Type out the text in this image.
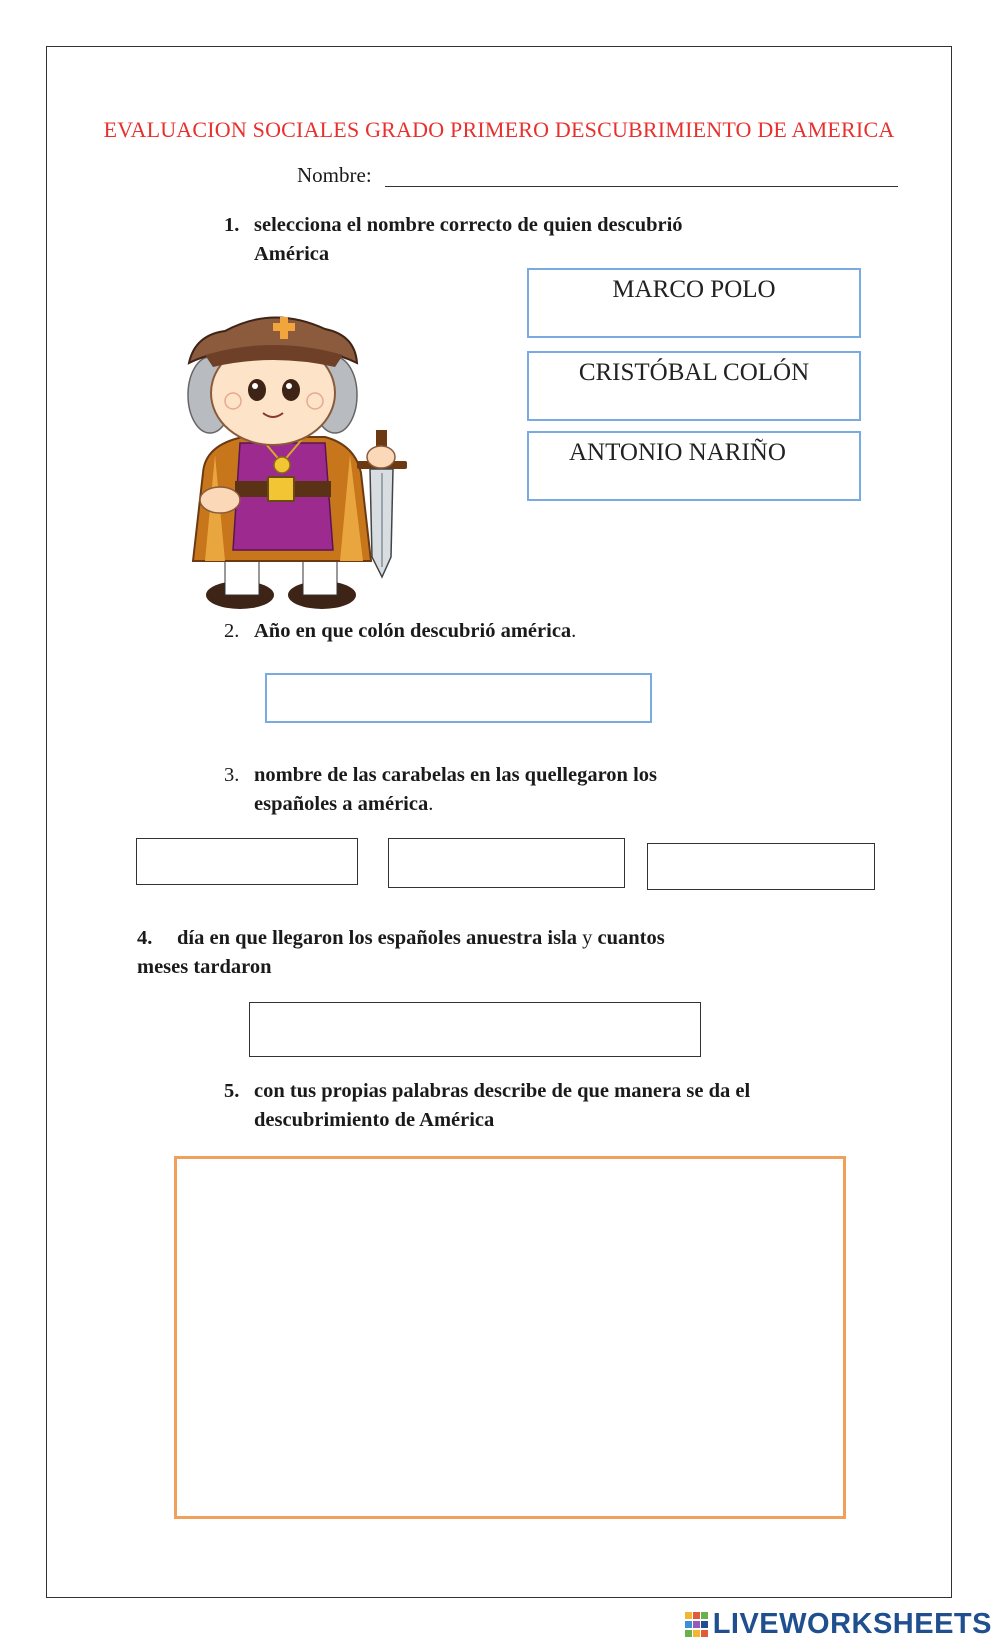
EVALUACION SOCIALES GRADO PRIMERO DESCUBRIMIENTO DE AMERICA
Nombre:
1. selecciona el nombre correcto de quien descubrió
América
MARCO POLO
CRISTÓBAL COLÓN
ANTONIO NARIÑO
2. Año en que colón descubrió américa.
3. nombre de las carabelas en las quellegaron los
españoles a américa.
4. día en que llegaron los españoles anuestra isla y cuantos
meses tardaron
5. con tus propias palabras describe de que manera se da el
descubrimiento de América
LIVEWORKSHEETS
